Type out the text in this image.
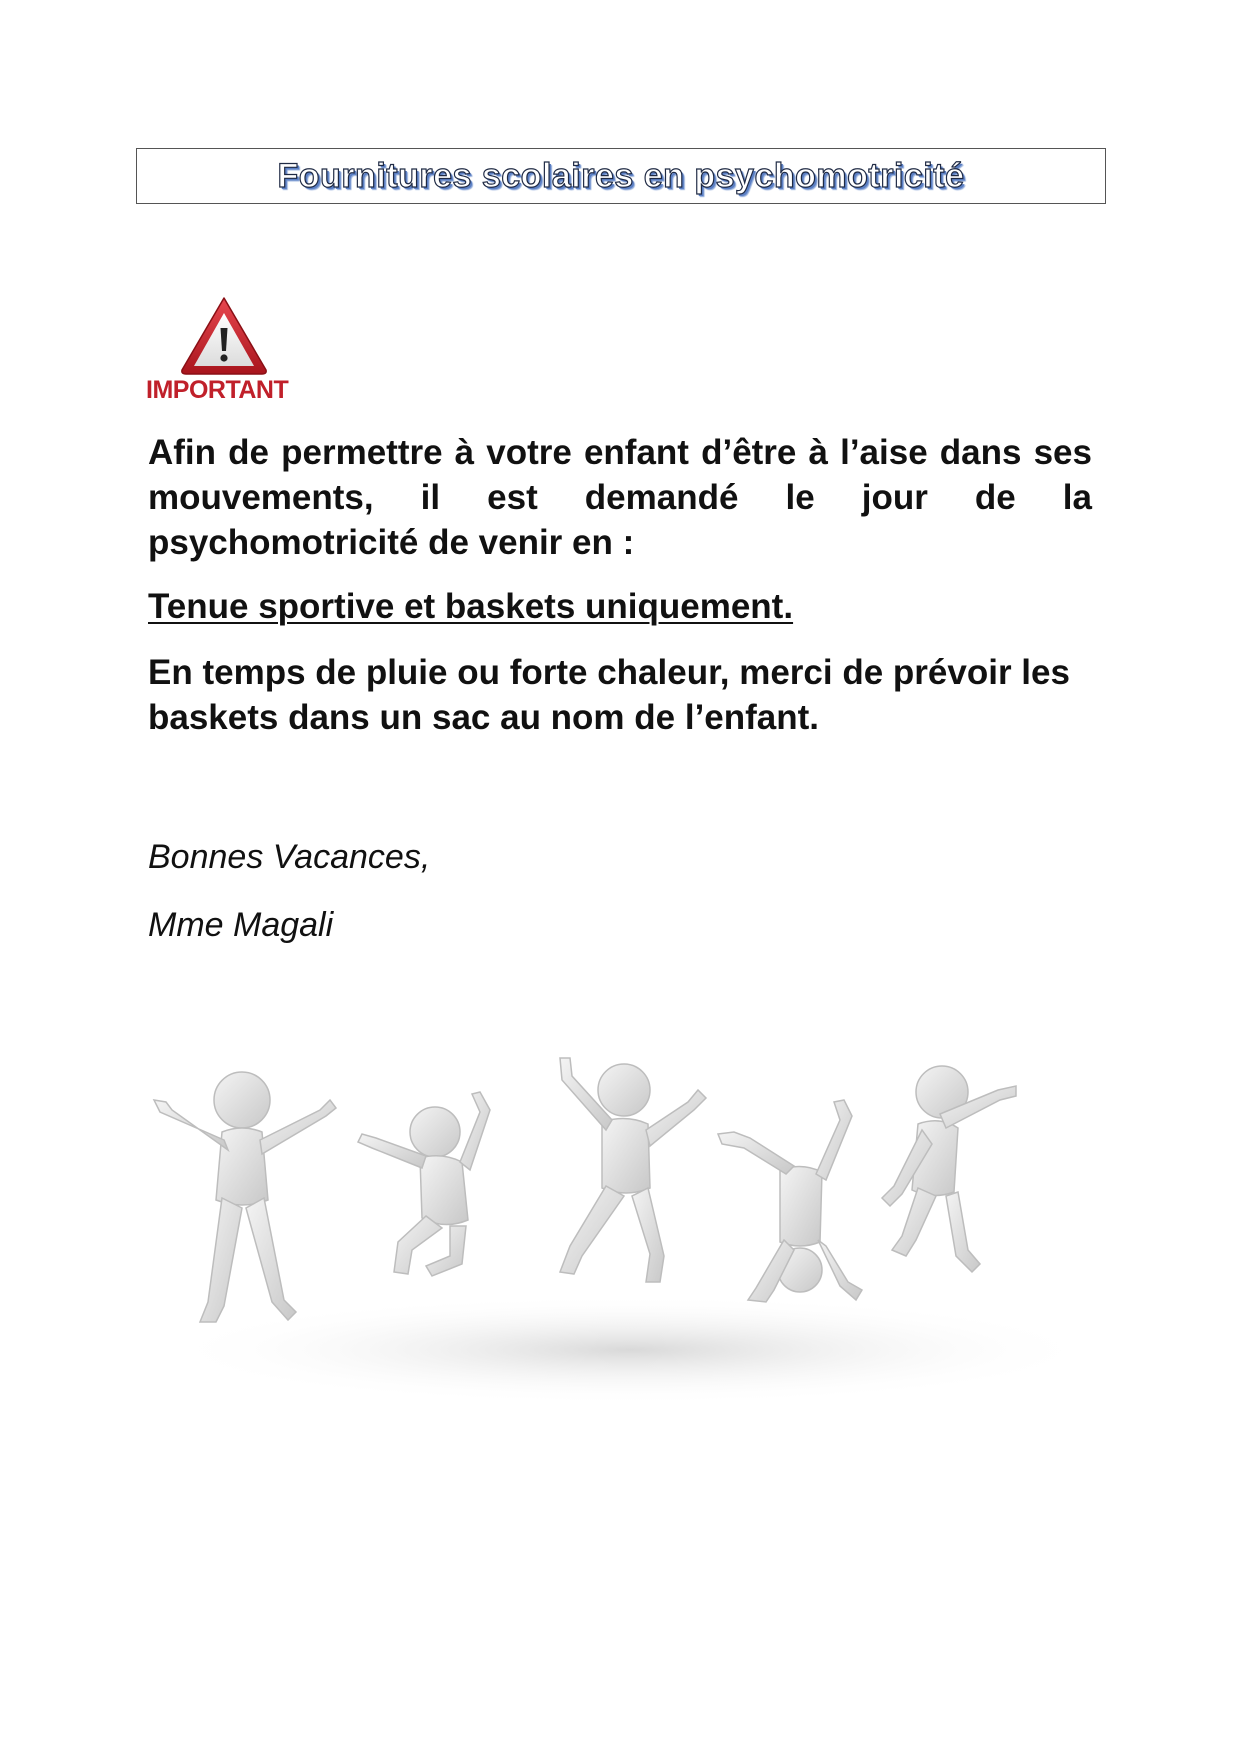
Fournitures scolaires en psychomotricité
IMPORTANT
Afin de permettre à votre enfant d’être à l’aise dans ses mouvements, il est demandé le jour de la psychomotricité de venir en :
Tenue sportive et baskets uniquement.
En temps de pluie ou forte chaleur, merci de prévoir les baskets dans un sac au nom de l’enfant.
Bonnes Vacances,
Mme Magali
